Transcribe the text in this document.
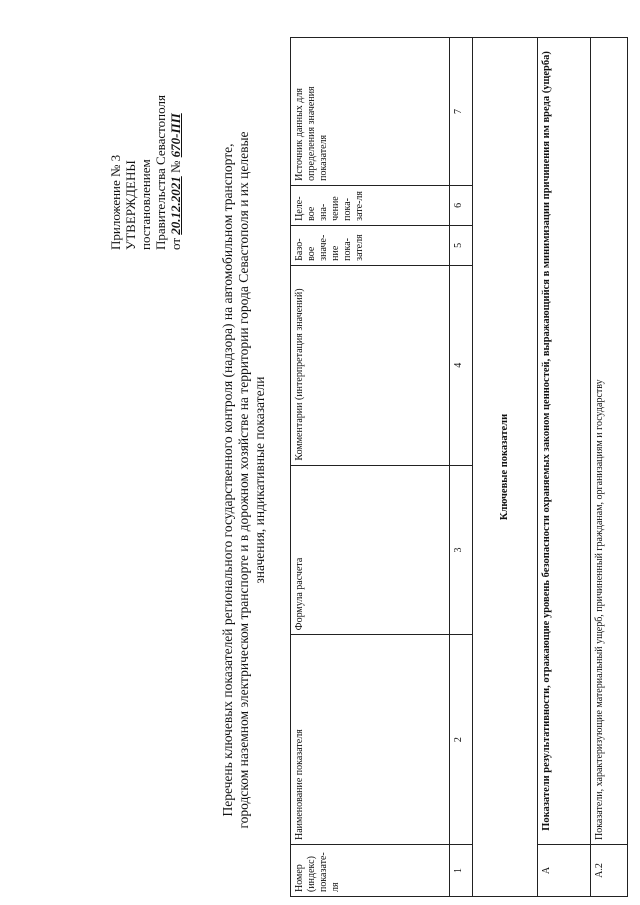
Приложение № 3 УТВЕРЖДЕНЫ постановлением Правительства Севастополя от 20.12.2021 № 670-ПП
Перечень ключевых показателей регионального государственного контроля (надзора) на автомобильном транспорте, городском наземном электрическом транспорте и в дорожном хозяйстве на территории города Севастополя и их целевые значения, индикативные показатели
Номер (индекс) показате-ля	Наименование показателя	Формула расчета	Комментарии (интерпретация значений)	Базо-вое значе-ние пока-зателя	Целе-вое зна-чение пока-зате-ля	Источник данных для определения значения показателя
1	2	3	4	5	6	7
Ключевые показатели						
А	Показатели результативности, отражающие уровень безопасности охраняемых законом ценностей, выражающийся в минимизации причинения им вреда (ущерба)					
А.2	Показатели, характеризующие материальный ущерб, причиненный гражданам, организациям и государству					
